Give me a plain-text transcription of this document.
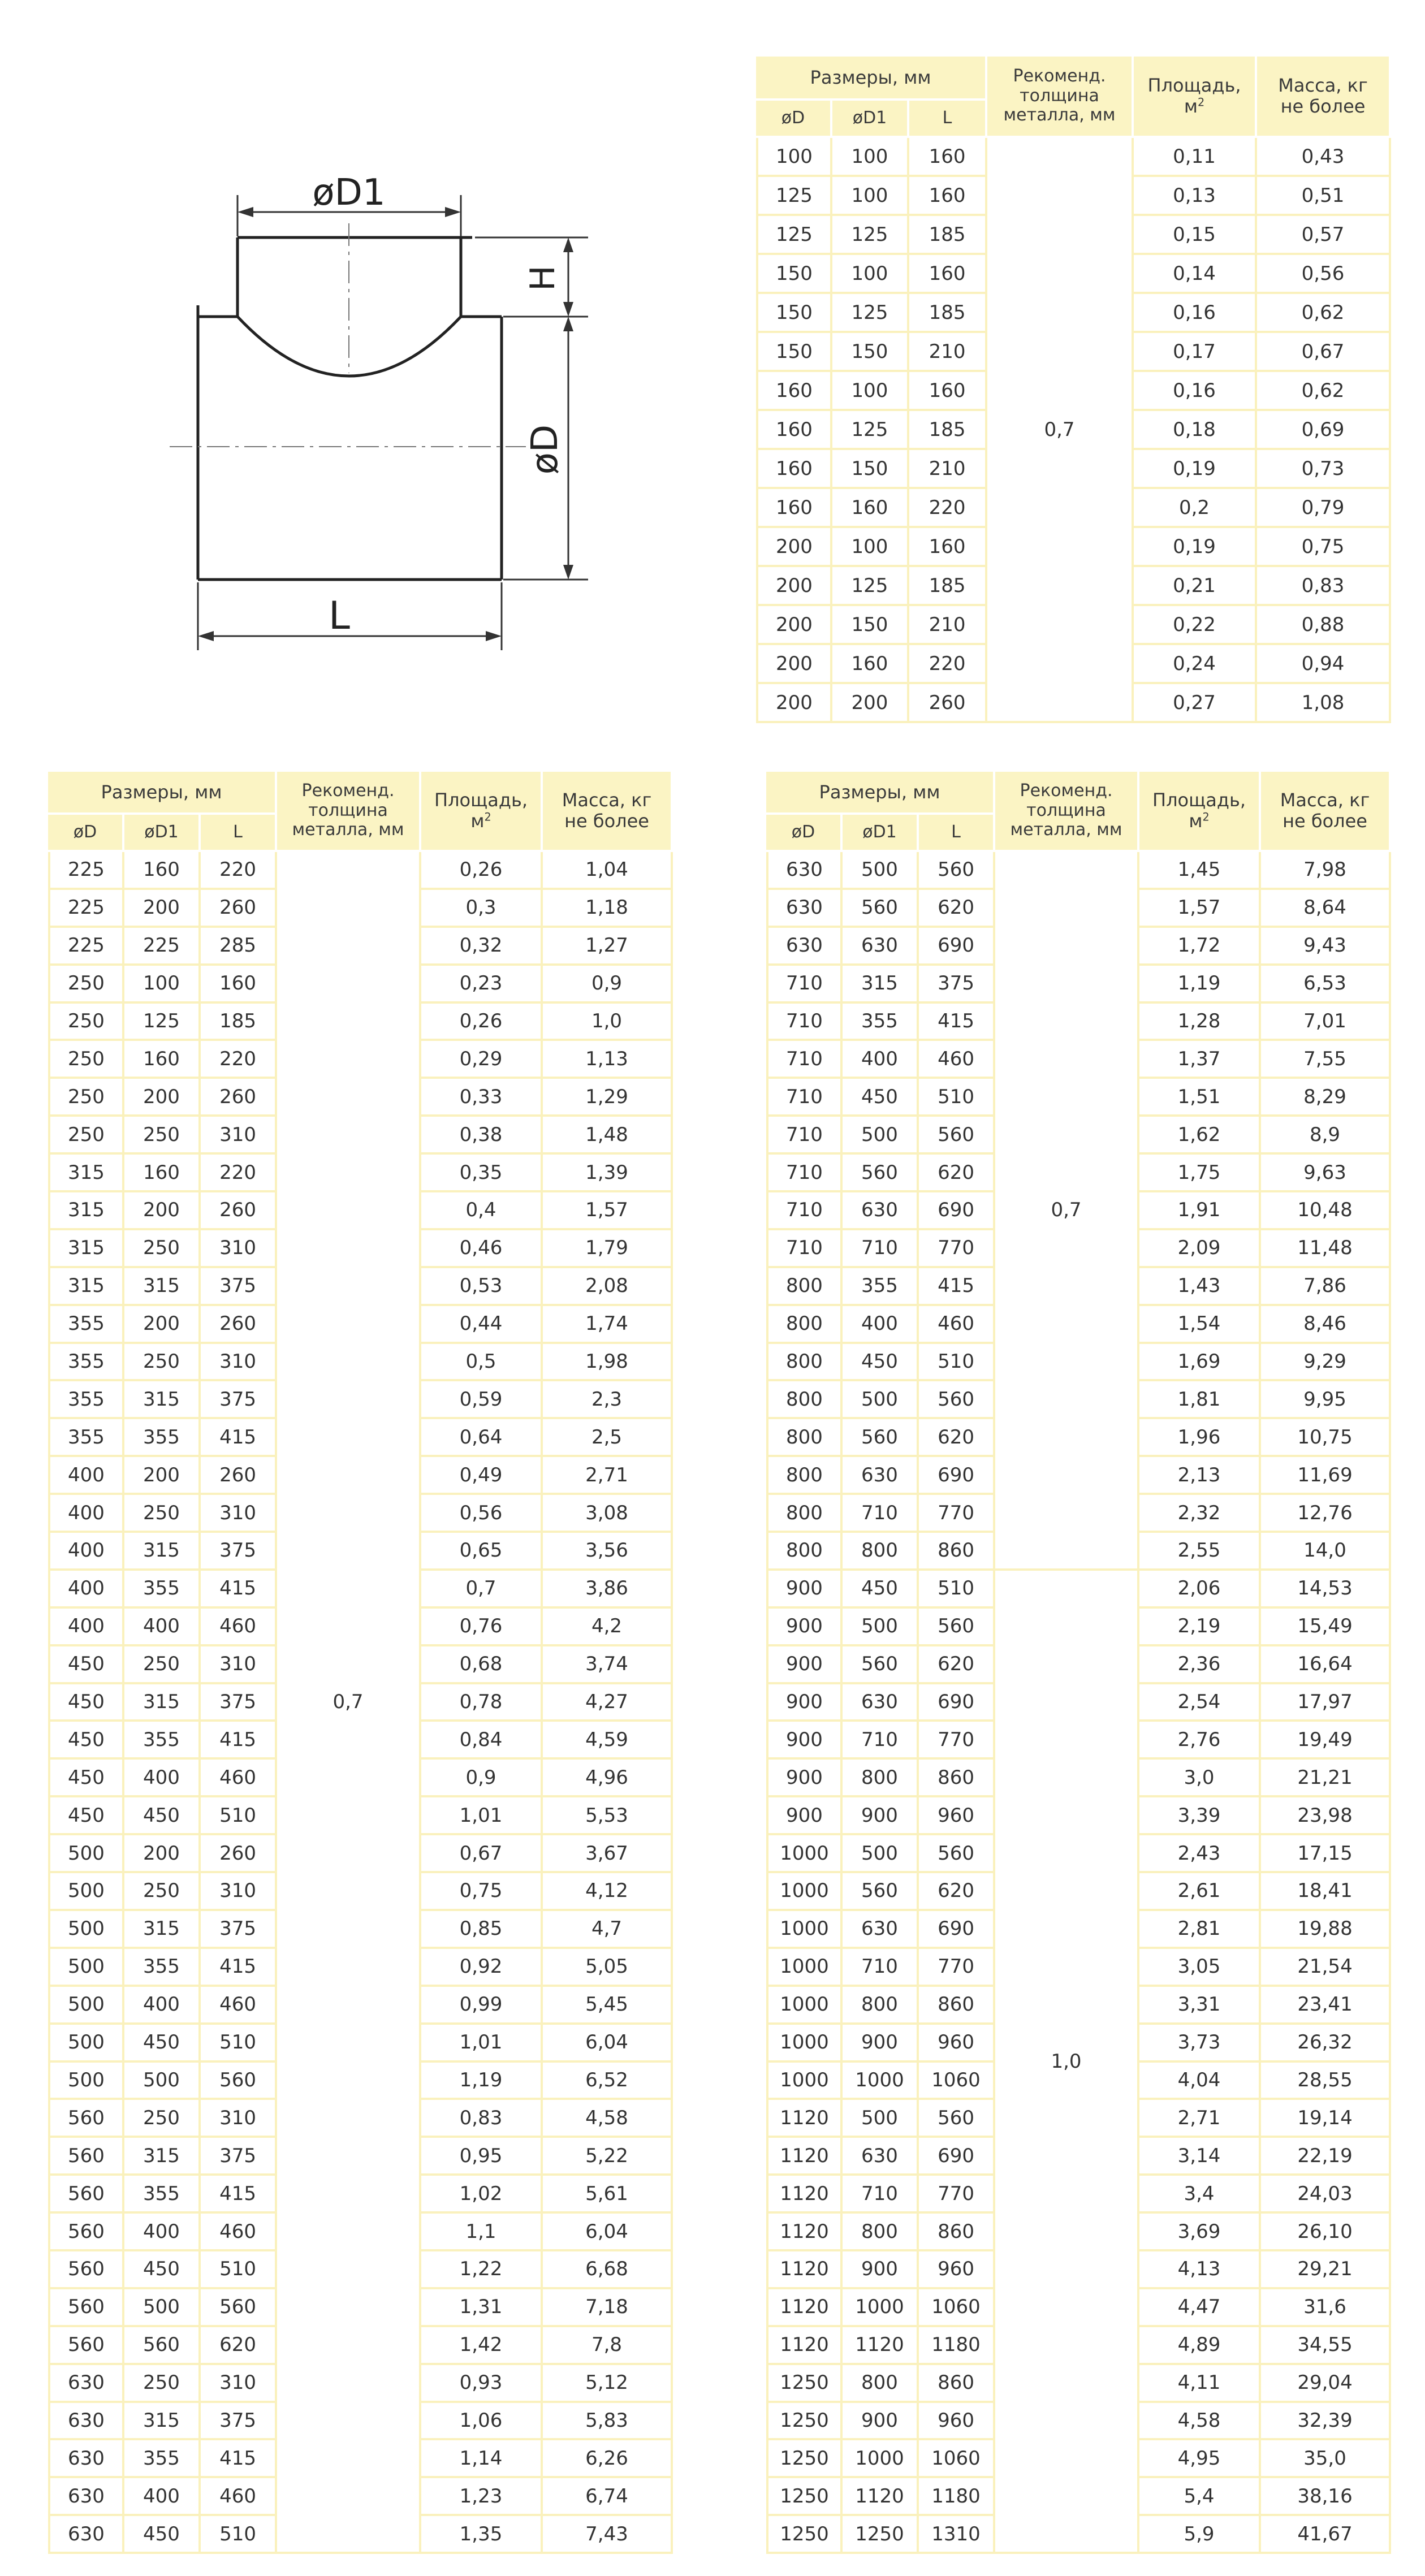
øD1
L
H
øD
Размеры, мм			Рекоменд. толщина металла, мм	Площадь, $м^2$	Масса, кг не более
øD	øD1	L			
100	100	160	0,7	0,11	0,43
125	100	160		0,13	0,51
125	125	185		0,15	0,57
150	100	160		0,14	0,56
150	125	185		0,16	0,62
150	150	210		0,17	0,67
160	100	160		0,16	0,62
160	125	185		0,18	0,69
160	150	210		0,19	0,73
160	160	220		0,2	0,79
200	100	160		0,19	0,75
200	125	185		0,21	0,83
200	150	210		0,22	0,88
200	160	220		0,24	0,94
200	200	260		0,27	1,08
Размеры, мм			Рекоменд. толщина металла, мм	Площадь, $м^2$	Масса, кг не более
øD	øD1	L			
225	160	220	0,7	0,26	1,04
225	200	260		0,3	1,18
225	225	285		0,32	1,27
250	100	160		0,23	0,9
250	125	185		0,26	1,0
250	160	220		0,29	1,13
250	200	260		0,33	1,29
250	250	310		0,38	1,48
315	160	220		0,35	1,39
315	200	260		0,4	1,57
315	250	310		0,46	1,79
315	315	375		0,53	2,08
355	200	260		0,44	1,74
355	250	310		0,5	1,98
355	315	375		0,59	2,3
355	355	415		0,64	2,5
400	200	260		0,49	2,71
400	250	310		0,56	3,08
400	315	375		0,65	3,56
400	355	415		0,7	3,86
400	400	460		0,76	4,2
450	250	310		0,68	3,74
450	315	375		0,78	4,27
450	355	415		0,84	4,59
450	400	460		0,9	4,96
450	450	510		1,01	5,53
500	200	260		0,67	3,67
500	250	310		0,75	4,12
500	315	375		0,85	4,7
500	355	415		0,92	5,05
500	400	460		0,99	5,45
500	450	510		1,01	6,04
500	500	560		1,19	6,52
560	250	310		0,83	4,58
560	315	375		0,95	5,22
560	355	415		1,02	5,61
560	400	460		1,1	6,04
560	450	510		1,22	6,68
560	500	560		1,31	7,18
560	560	620		1,42	7,8
630	250	310		0,93	5,12
630	315	375		1,06	5,83
630	355	415		1,14	6,26
630	400	460		1,23	6,74
630	450	510		1,35	7,43
Размеры, мм			Рекоменд. толщина металла, мм	Площадь, $м^2$	Масса, кг не более
øD	øD1	L			
630	500	560	0,7	1,45	7,98
630	560	620		1,57	8,64
630	630	690		1,72	9,43
710	315	375		1,19	6,53
710	355	415		1,28	7,01
710	400	460		1,37	7,55
710	450	510		1,51	8,29
710	500	560		1,62	8,9
710	560	620		1,75	9,63
710	630	690		1,91	10,48
710	710	770		2,09	11,48
800	355	415		1,43	7,86
800	400	460		1,54	8,46
800	450	510		1,69	9,29
800	500	560		1,81	9,95
800	560	620		1,96	10,75
800	630	690		2,13	11,69
800	710	770		2,32	12,76
800	800	860		2,55	14,0
900	450	510	1,0	2,06	14,53
900	500	560		2,19	15,49
900	560	620		2,36	16,64
900	630	690		2,54	17,97
900	710	770		2,76	19,49
900	800	860		3,0	21,21
900	900	960		3,39	23,98
1000	500	560		2,43	17,15
1000	560	620		2,61	18,41
1000	630	690		2,81	19,88
1000	710	770		3,05	21,54
1000	800	860		3,31	23,41
1000	900	960		3,73	26,32
1000	1000	1060		4,04	28,55
1120	500	560		2,71	19,14
1120	630	690		3,14	22,19
1120	710	770		3,4	24,03
1120	800	860		3,69	26,10
1120	900	960		4,13	29,21
1120	1000	1060		4,47	31,6
1120	1120	1180		4,89	34,55
1250	800	860		4,11	29,04
1250	900	960		4,58	32,39
1250	1000	1060		4,95	35,0
1250	1120	1180		5,4	38,16
1250	1250	1310		5,9	41,67
